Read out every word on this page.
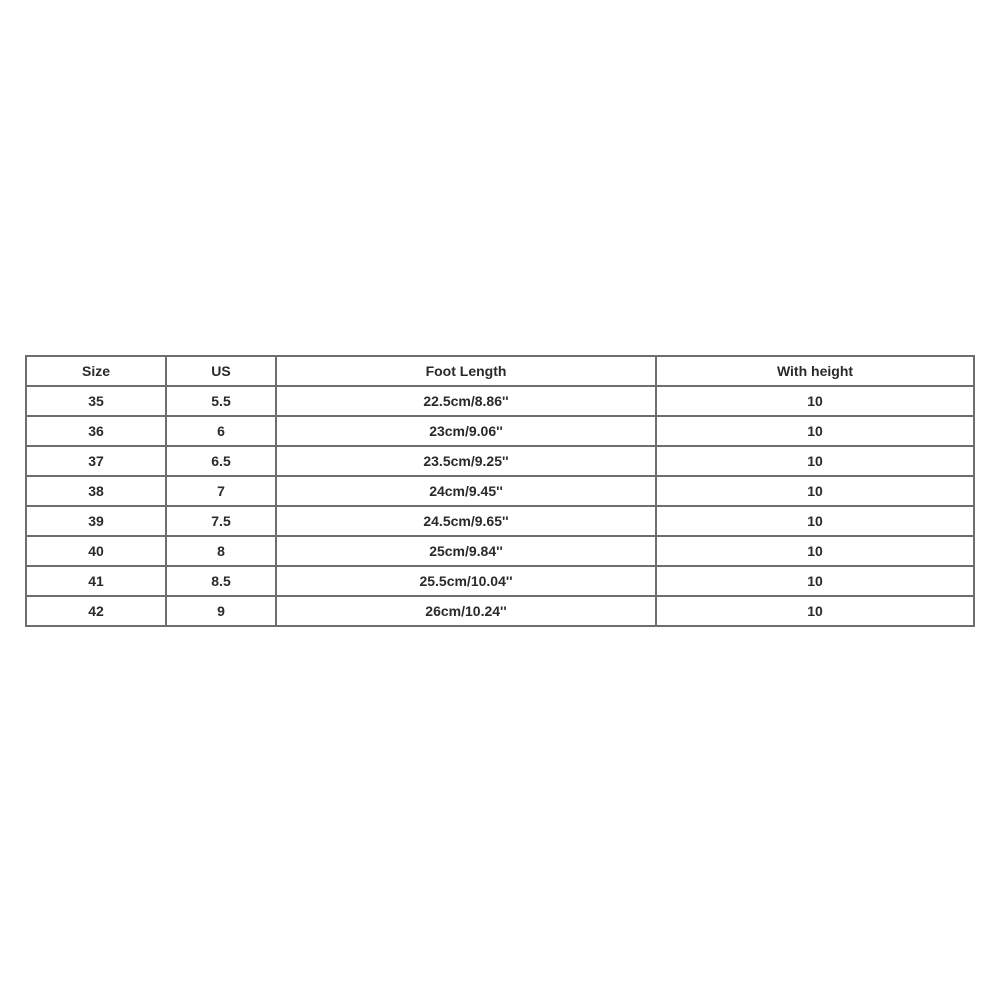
Size	US	Foot Length	With height
35	5.5	22.5cm/8.86''	10
36	6	23cm/9.06''	10
37	6.5	23.5cm/9.25''	10
38	7	24cm/9.45''	10
39	7.5	24.5cm/9.65''	10
40	8	25cm/9.84''	10
41	8.5	25.5cm/10.04''	10
42	9	26cm/10.24''	10
